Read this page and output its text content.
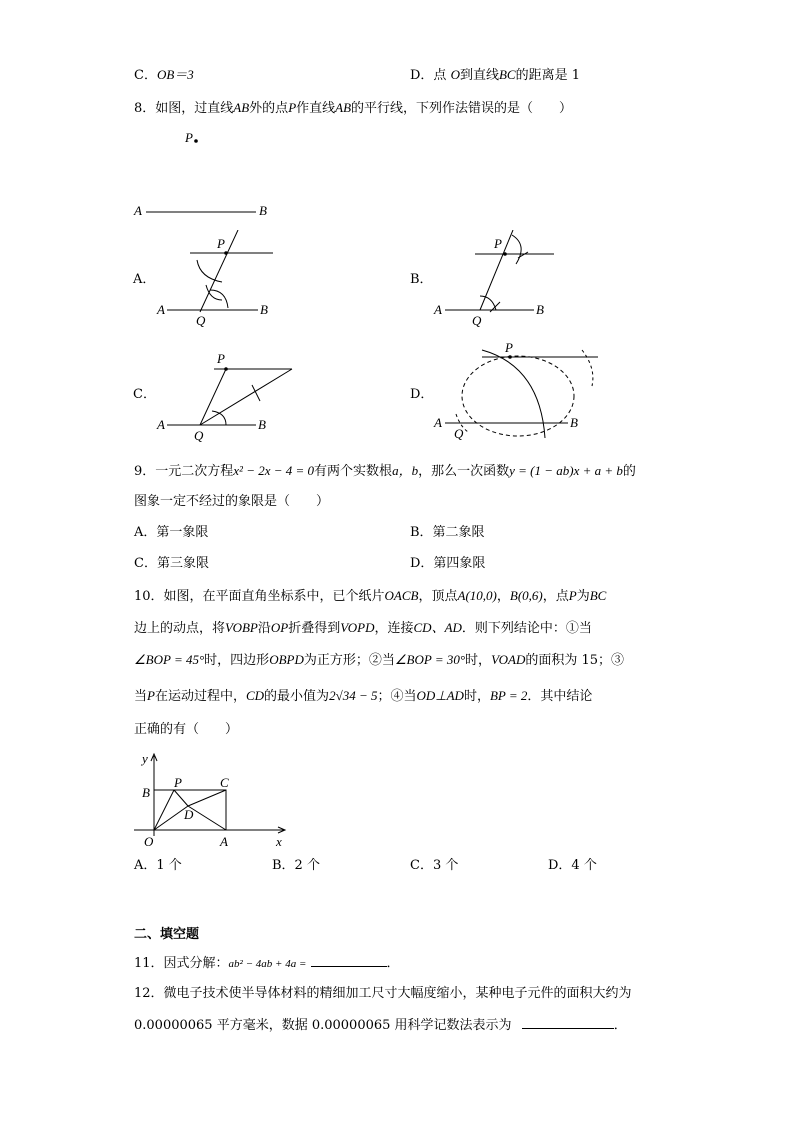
C．OB＝3	D．点 O到直线BC的距离是 1
8．如图，过直线AB外的点P作直线AB的平行线，下列作法错误的是（　　）
P
A	B
A．
P
A
Q
B
B．
P
A
Q
B
C．
P
A
Q
B
D．
P
A
Q
B
9．一元二次方程x² − 2x − 4 = 0有两个实数根a，b，那么一次函数y = (1 − ab)x + a + b的
图象一定不经过的象限是（　　）
A．第一象限	B．第二象限
C．第三象限	D．第四象限
10．如图，在平面直角坐标系中，已个纸片OACB，顶点A(10,0)，B(0,6)，点P为BC
边上的动点，将VOBP沿OP折叠得到VOPD，连接CD、AD．则下列结论中：①当
∠BOP = 45°时，四边形OBPD为正方形；②当∠BOP = 30°时，VOAD的面积为 15；③
当P在运动过程中，CD的最小值为2√34 − 5；④当OD⊥AD时，BP = 2．其中结论
正确的有（　　）
y
x
B
P	C
D
O	A
A．1 个	B．2 个	C．3 个	D．4 个
二、填空题
11．因式分解：ab² − 4ab + 4a =	．
12．微电子技术使半导体材料的精细加工尺寸大幅度缩小，某种电子元件的面积大约为
0.00000065 平方毫米，数据 0.00000065 用科学记数法表示为	．
